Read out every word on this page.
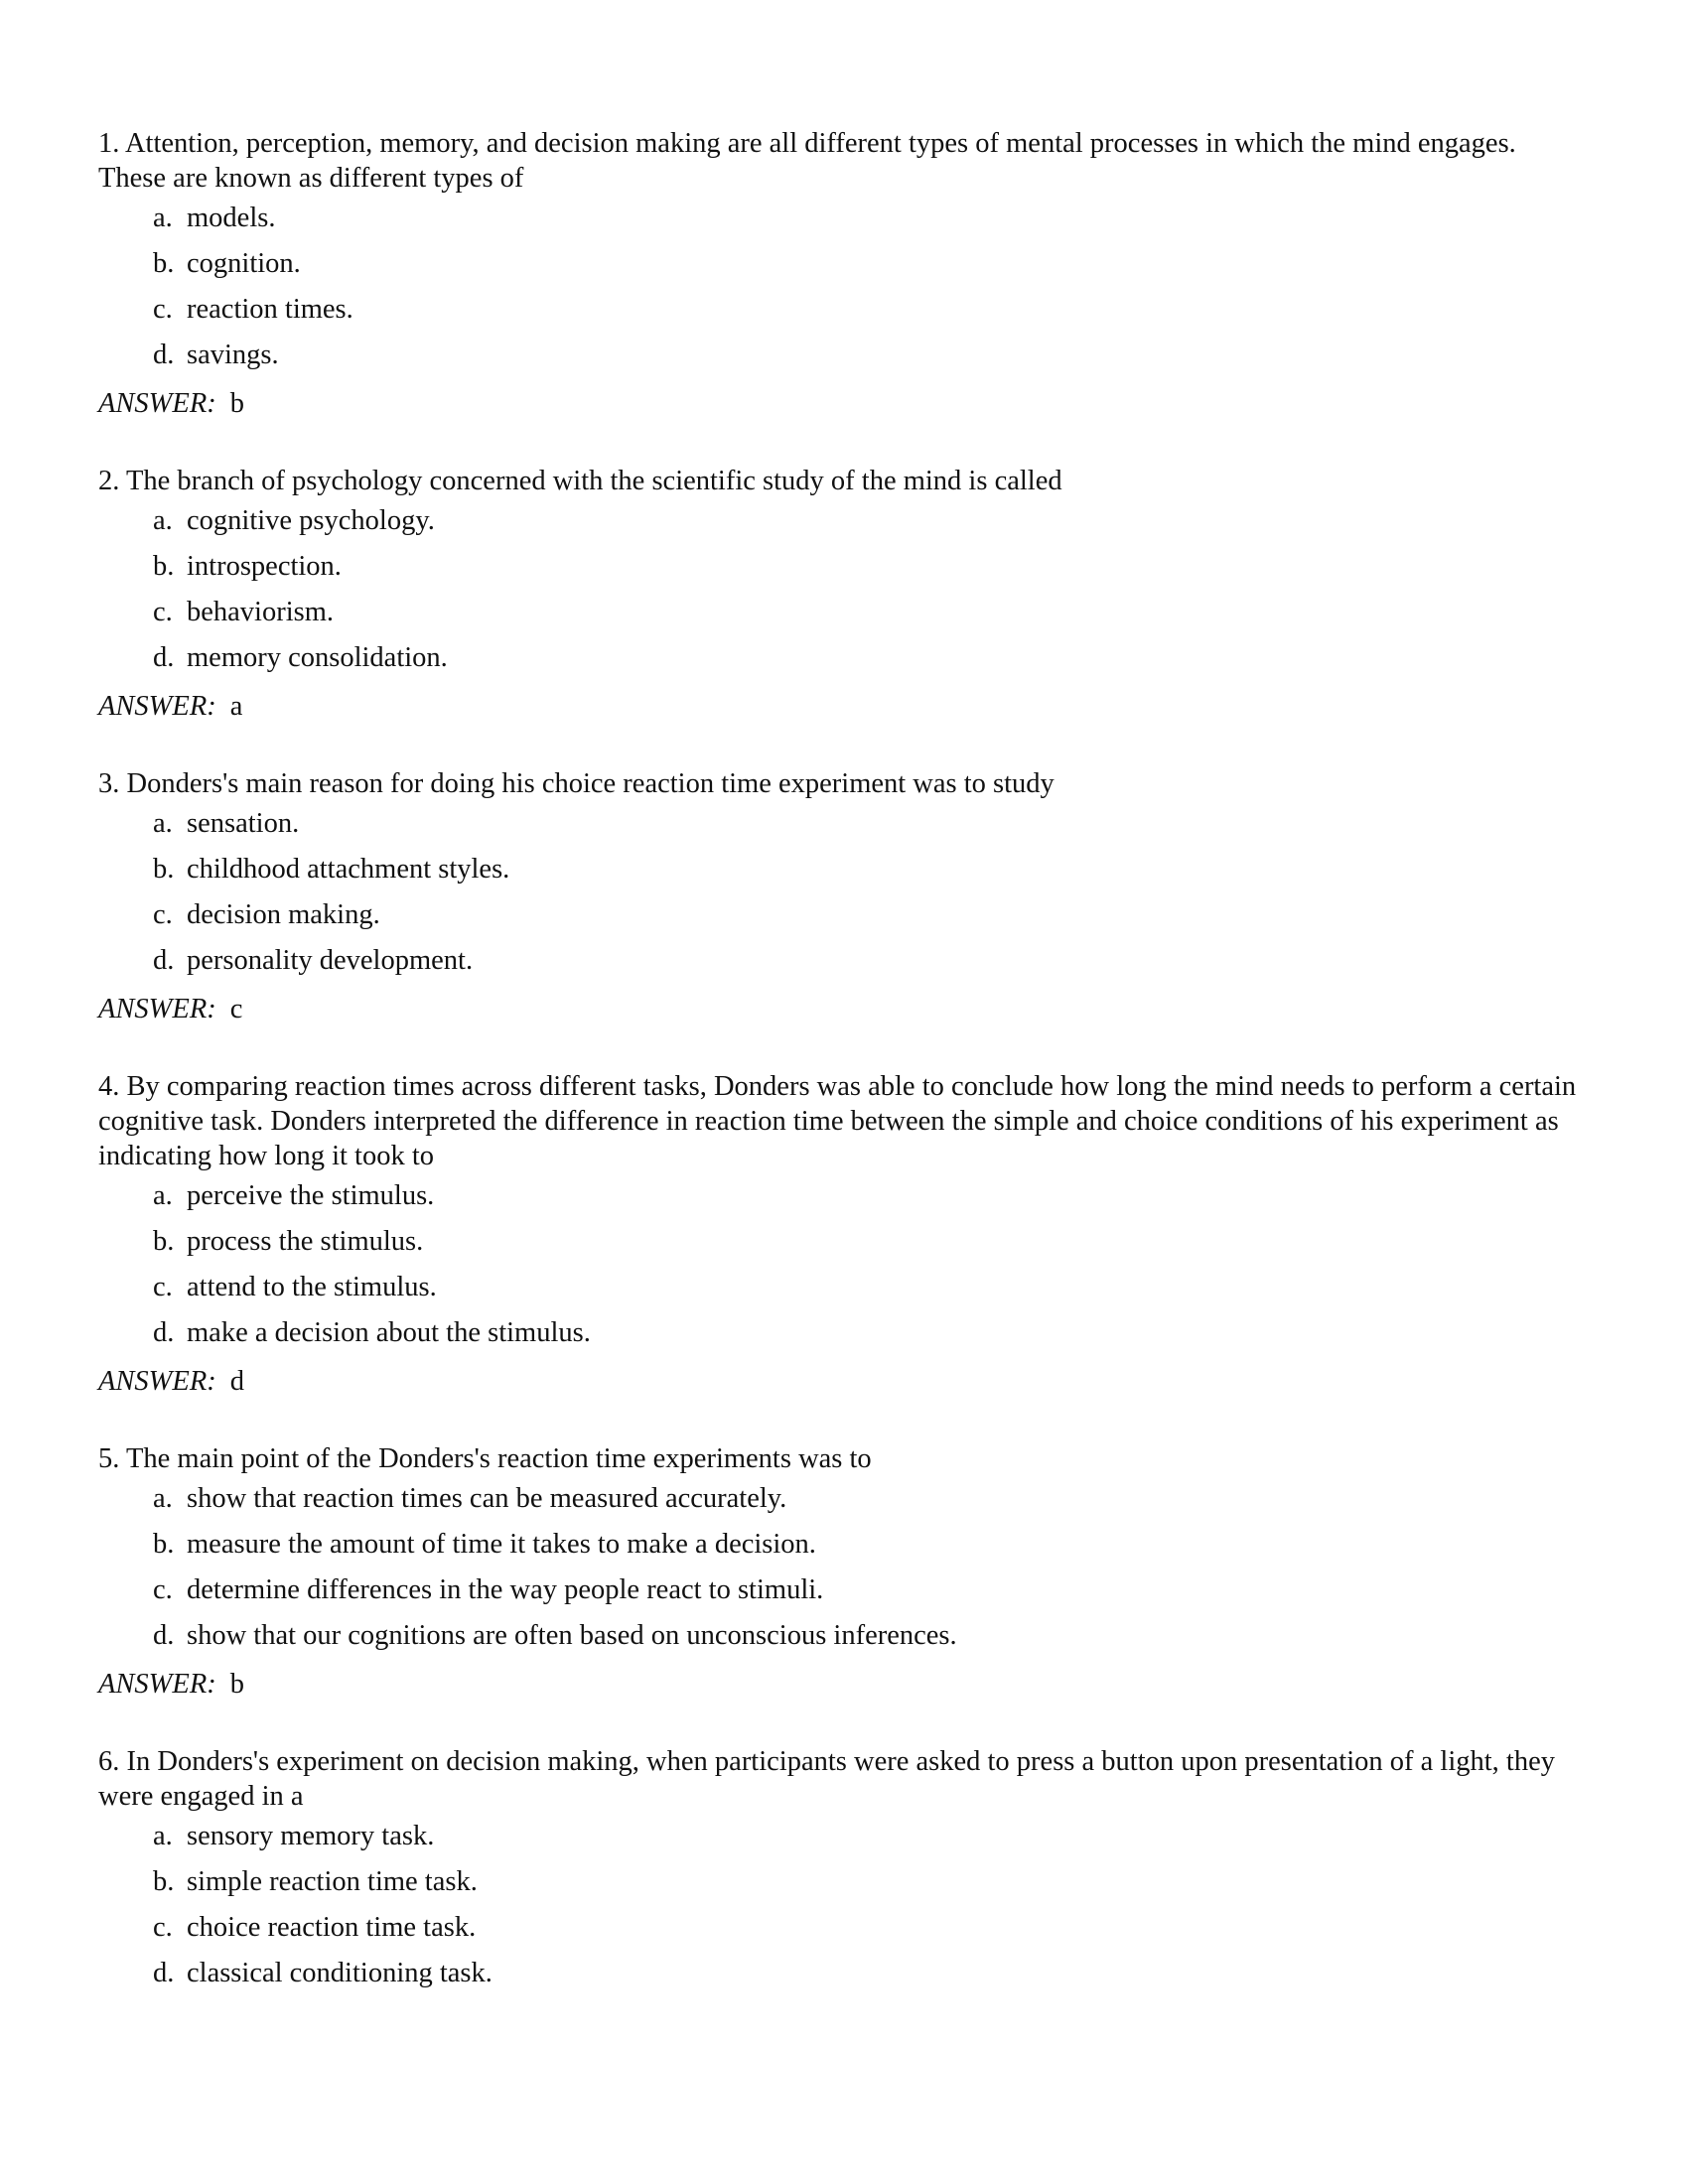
1. Attention, perception, memory, and decision making are all different types of mental processes in which the mind engages. These are known as different types of
a. models.
b. cognition.
c. reaction times.
d. savings.
ANSWER: b
2. The branch of psychology concerned with the scientific study of the mind is called
a. cognitive psychology.
b. introspection.
c. behaviorism.
d. memory consolidation.
ANSWER: a
3. Donders's main reason for doing his choice reaction time experiment was to study
a. sensation.
b. childhood attachment styles.
c. decision making.
d. personality development.
ANSWER: c
4. By comparing reaction times across different tasks, Donders was able to conclude how long the mind needs to perform a certain cognitive task. Donders interpreted the difference in reaction time between the simple and choice conditions of his experiment as indicating how long it took to
a. perceive the stimulus.
b. process the stimulus.
c. attend to the stimulus.
d. make a decision about the stimulus.
ANSWER: d
5. The main point of the Donders's reaction time experiments was to
a. show that reaction times can be measured accurately.
b. measure the amount of time it takes to make a decision.
c. determine differences in the way people react to stimuli.
d. show that our cognitions are often based on unconscious inferences.
ANSWER: b
6. In Donders's experiment on decision making, when participants were asked to press a button upon presentation of a light, they were engaged in a
a. sensory memory task.
b. simple reaction time task.
c. choice reaction time task.
d. classical conditioning task.
